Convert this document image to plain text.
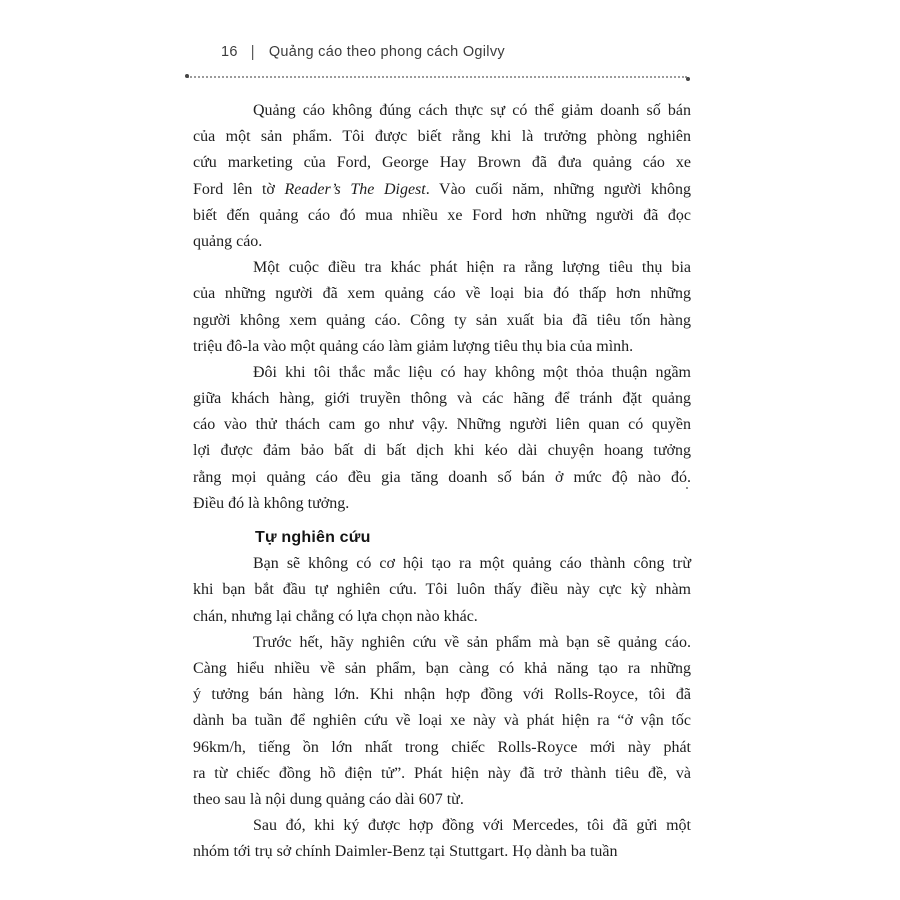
16 | Quảng cáo theo phong cách Ogilvy
Quảng cáo không đúng cách thực sự có thể giảm doanh số bán
của một sản phẩm. Tôi được biết rằng khi là trưởng phòng nghiên
cứu marketing của Ford, George Hay Brown đã đưa quảng cáo xe
Ford lên tờ Reader’s The Digest. Vào cuối năm, những người không
biết đến quảng cáo đó mua nhiều xe Ford hơn những người đã đọc
quảng cáo.
Một cuộc điều tra khác phát hiện ra rằng lượng tiêu thụ bia
của những người đã xem quảng cáo về loại bia đó thấp hơn những
người không xem quảng cáo. Công ty sản xuất bia đã tiêu tốn hàng
triệu đô-la vào một quảng cáo làm giảm lượng tiêu thụ bia của mình.
Đôi khi tôi thắc mắc liệu có hay không một thỏa thuận ngầm
giữa khách hàng, giới truyền thông và các hãng để tránh đặt quảng
cáo vào thử thách cam go như vậy. Những người liên quan có quyền
lợi được đảm bảo bất di bất dịch khi kéo dài chuyện hoang tưởng
rằng mọi quảng cáo đều gia tăng doanh số bán ở mức độ nào đó.
Điều đó là không tưởng.
Tự nghiên cứu
Bạn sẽ không có cơ hội tạo ra một quảng cáo thành công trừ
khi bạn bắt đầu tự nghiên cứu. Tôi luôn thấy điều này cực kỳ nhàm
chán, nhưng lại chẳng có lựa chọn nào khác.
Trước hết, hãy nghiên cứu về sản phẩm mà bạn sẽ quảng cáo.
Càng hiểu nhiều về sản phẩm, bạn càng có khả năng tạo ra những
ý tưởng bán hàng lớn. Khi nhận hợp đồng với Rolls-Royce, tôi đã
dành ba tuần để nghiên cứu về loại xe này và phát hiện ra “ở vận tốc
96km/h, tiếng ồn lớn nhất trong chiếc Rolls-Royce mới này phát
ra từ chiếc đồng hồ điện tử”. Phát hiện này đã trở thành tiêu đề, và
theo sau là nội dung quảng cáo dài 607 từ.
Sau đó, khi ký được hợp đồng với Mercedes, tôi đã gửi một
nhóm tới trụ sở chính Daimler-Benz tại Stuttgart. Họ dành ba tuần
